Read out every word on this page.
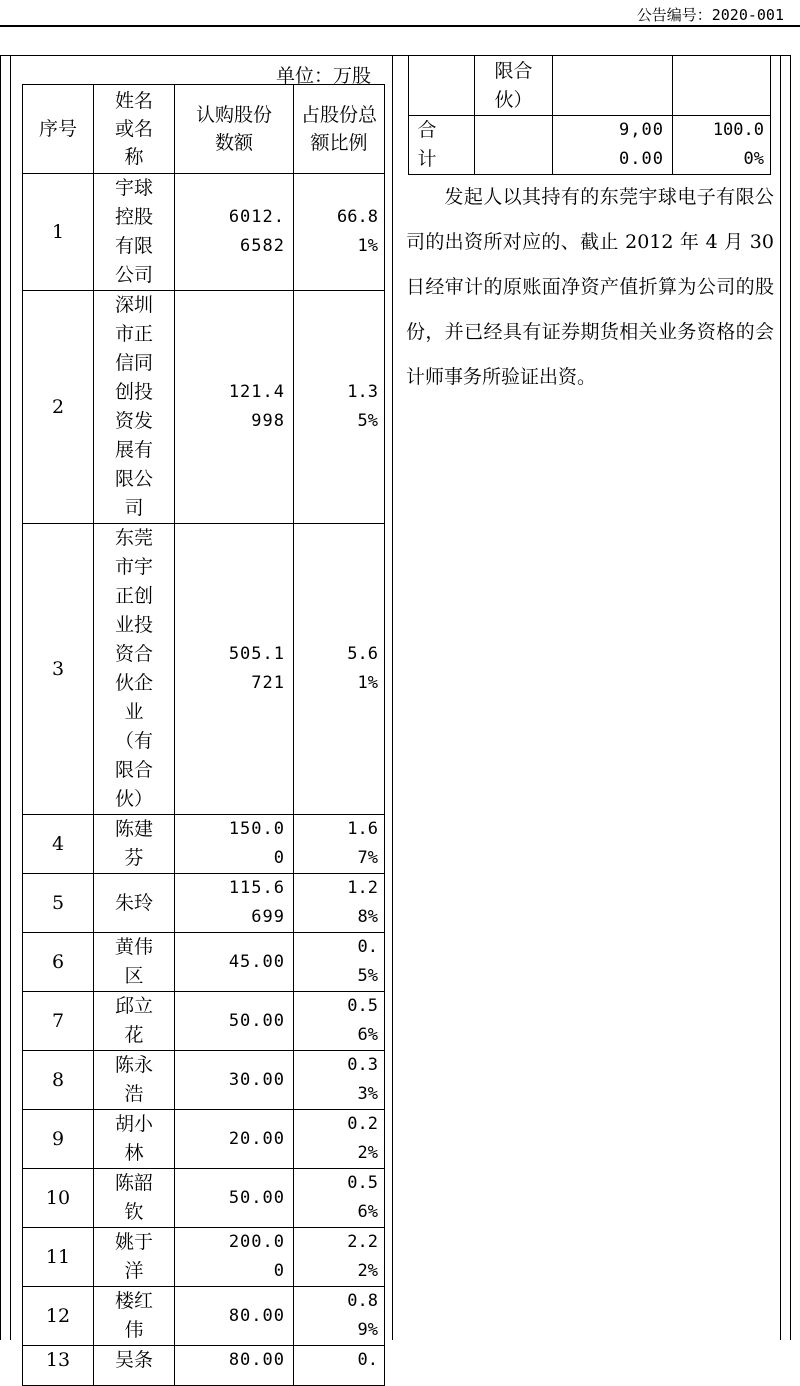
公告编号：2020-001
单位：万股
序号	姓名或名称	认购股份数额	占股份总额比例

1	宇球控股有限公司	6012.6582	66.81%

2	深圳市正信同创投资发展有限公司	121.4998	1.35%

3	东莞市宇正创业投资合伙企业（有限合伙）	505.1721	5.61%

4	陈建芬	150.00	1.67%

5	朱玲	115.6699	1.28%

6	黄伟区	45.00	0.5%

7	邱立花	50.00	0.56%

8	陈永浩	30.00	0.33%

9	胡小林	20.00	0.22%

10	陈韶钦	50.00	0.56%

11	姚于洋	200.00	2.22%

12	楼红伟	80.00	0.89%

13	吴条	80.00	0.

	限合伙）		

合计		9,000.00	100.00%
发起人以其持有的东莞宇球电子有限公司的出资所对应的、截止 2012 年 4 月 30 日经审计的原账面净资产值折算为公司的股份，并已经具有证券期货相关业务资格的会计师事务所验证出资。
